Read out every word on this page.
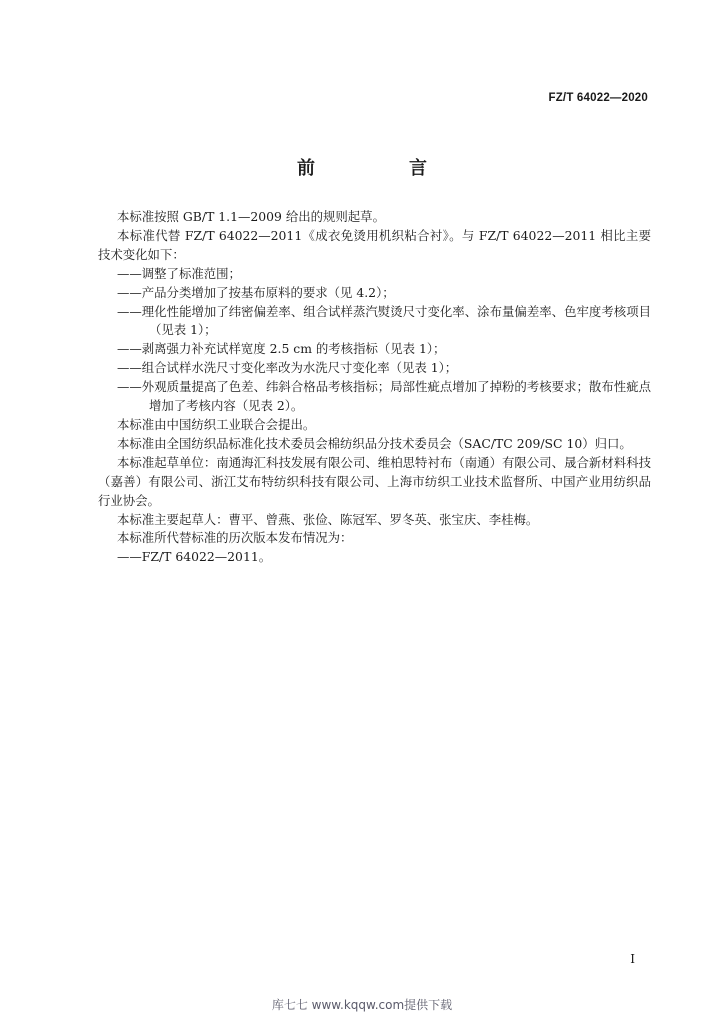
FZ/T 64022—2020
前　言

本标准按照 GB/T 1.1—2009 给出的规则起草。

本标准代替 FZ/T 64022—2011《成衣免烫用机织粘合衬》。与 FZ/T 64022—2011 相比主要技术变化如下：

——调整了标准范围；

——产品分类增加了按基布原料的要求（见 4.2）；

——理化性能增加了纬密偏差率、组合试样蒸汽熨烫尺寸变化率、涂布量偏差率、色牢度考核项目（见表 1）；

——剥离强力补充试样宽度 2.5 cm 的考核指标（见表 1）；

——组合试样水洗尺寸变化率改为水洗尺寸变化率（见表 1）；

——外观质量提高了色差、纬斜合格品考核指标；局部性疵点增加了掉粉的考核要求；散布性疵点增加了考核内容（见表 2）。

本标准由中国纺织工业联合会提出。

本标准由全国纺织品标准化技术委员会棉纺织品分技术委员会（SAC/TC 209/SC 10）归口。

本标准起草单位：南通海汇科技发展有限公司、维柏思特衬布（南通）有限公司、晟合新材料科技（嘉善）有限公司、浙江艾布特纺织科技有限公司、上海市纺织工业技术监督所、中国产业用纺织品行业协会。

本标准主要起草人：曹平、曾燕、张俭、陈冠军、罗冬英、张宝庆、李桂梅。

本标准所代替标准的历次版本发布情况为：

——FZ/T 64022—2011。

I
库七七 www.kqqw.com提供下载
